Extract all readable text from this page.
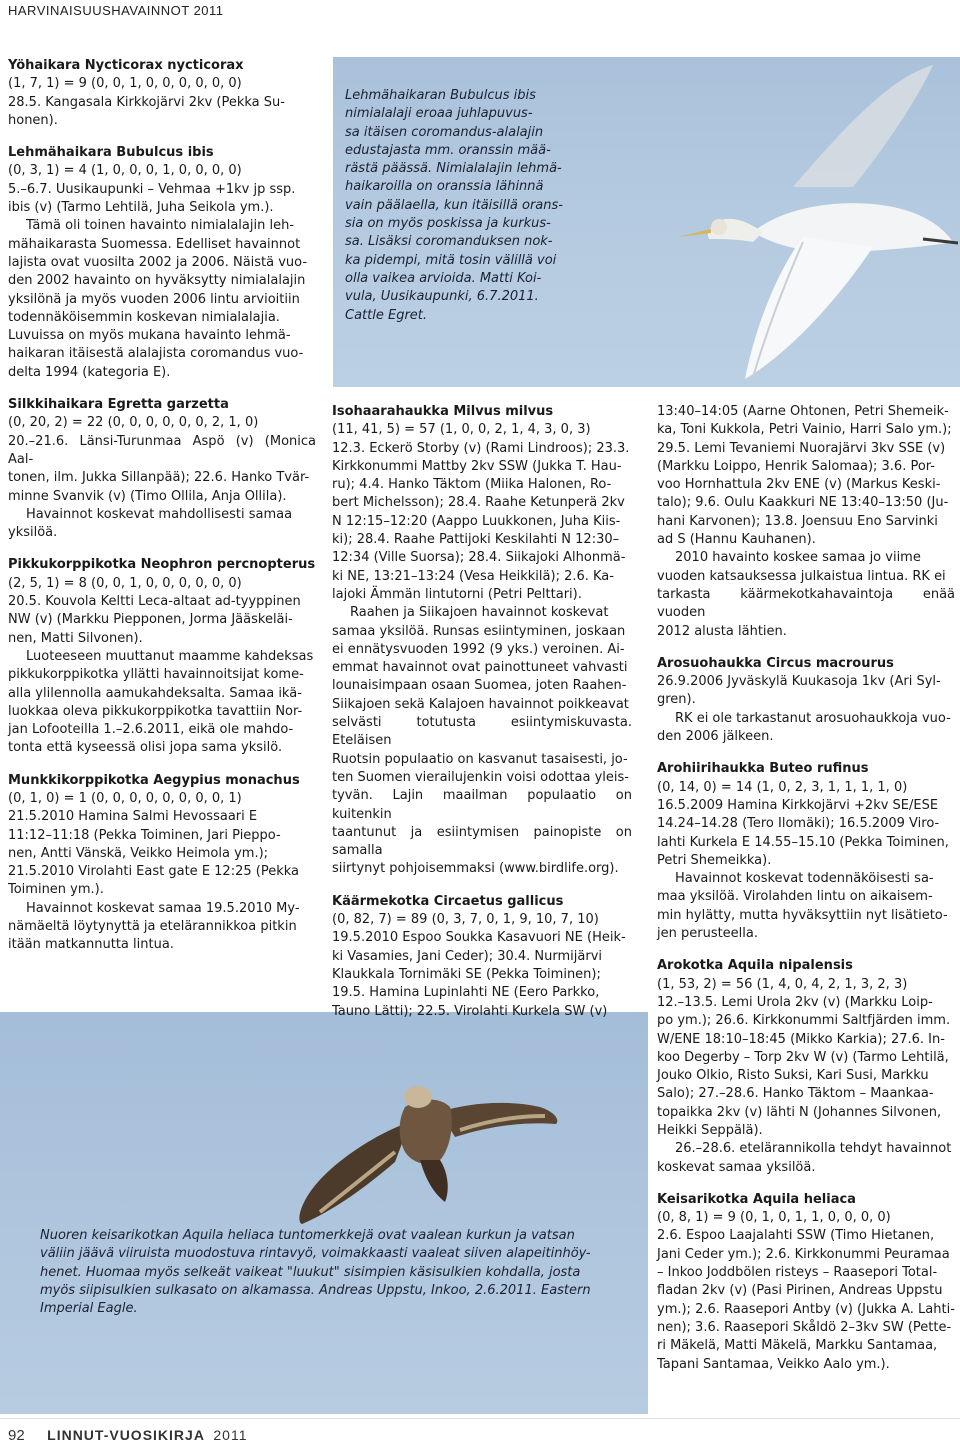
HARVINAISUUSHAVAINNOT 2011
Lehmähaikaran Bubulcus ibis
nimialalaji eroaa juhlapuvus-
sa itäisen coromandus-alalajin
edustajasta mm. oranssin mää-
rästä päässä. Nimialalajin lehmä-
haikaroilla on oranssia lähinnä
vain päälaella, kun itäisillä orans-
sia on myös poskissa ja kurkus-
sa. Lisäksi coromanduksen nok-
ka pidempi, mitä tosin välillä voi
olla vaikea arvioida. Matti Koi-
vula, Uusikaupunki, 6.7.2011.
Cattle Egret.
Nuoren keisarikotkan Aquila heliaca tuntomerkkejä ovat vaalean kurkun ja vatsan
väliin jäävä viiruista muodostuva rintavyö, voimakkaasti vaaleat siiven alapeitinhöy-
henet. Huomaa myös selkeät vaikeat "luukut" sisimpien käsisulkien kohdalla, josta
myös siipisulkien sulkasato on alkamassa. Andreas Uppstu, Inkoo, 2.6.2011. Eastern
Imperial Eagle.

Yöhaikara Nycticorax nycticorax

(1, 7, 1) = 9 (0, 0, 1, 0, 0, 0, 0, 0, 0)

28.5. Kangasala Kirkkojärvi 2kv (Pekka Su-

honen).

Lehmähaikara Bubulcus ibis

(0, 3, 1) = 4 (1, 0, 0, 0, 1, 0, 0, 0, 0)

5.–6.7. Uusikaupunki – Vehmaa +1kv jp ssp.

ibis (v) (Tarmo Lehtilä, Juha Seikola ym.).

Tämä oli toinen havainto nimialalajin leh-

mähaikarasta Suomessa. Edelliset havainnot

lajista ovat vuosilta 2002 ja 2006. Näistä vuo-

den 2002 havainto on hyväksytty nimialalajin

yksilönä ja myös vuoden 2006 lintu arvioitiin

todennäköisemmin koskevan nimialalajia.

Luvuissa on myös mukana havainto lehmä-

haikaran itäisestä alalajista coromandus vuo-

delta 1994 (kategoria E).

Silkkihaikara Egretta garzetta

(0, 20, 2) = 22 (0, 0, 0, 0, 0, 0, 2, 1, 0)

20.–21.6. Länsi-Turunmaa Aspö (v) (Monica Aal-

tonen, ilm. Jukka Sillanpää); 22.6. Hanko Tvär-

minne Svanvik (v) (Timo Ollila, Anja Ollila).

Havainnot koskevat mahdollisesti samaa

yksilöä.

Pikkukorppikotka Neophron percnopterus

(2, 5, 1) = 8 (0, 0, 1, 0, 0, 0, 0, 0, 0)

20.5. Kouvola Keltti Leca-altaat ad-tyyppinen

NW (v) (Markku Piepponen, Jorma Jääskeläi-

nen, Matti Silvonen).

Luoteeseen muuttanut maamme kahdeksas

pikkukorppikotka yllätti havainnoitsijat kome-

alla ylilennolla aamukahdeksalta. Samaa ikä-

luokkaa oleva pikkukorppikotka tavattiin Nor-

jan Lofooteilla 1.–2.6.2011, eikä ole mahdo-

tonta että kyseessä olisi jopa sama yksilö.

Munkkikorppikotka Aegypius monachus

(0, 1, 0) = 1 (0, 0, 0, 0, 0, 0, 0, 0, 1)

21.5.2010 Hamina Salmi Hevossaari E

11:12–11:18 (Pekka Toiminen, Jari Pieppo-

nen, Antti Vänskä, Veikko Heimola ym.);

21.5.2010 Virolahti East gate E 12:25 (Pekka

Toiminen ym.).

Havainnot koskevat samaa 19.5.2010 My-

nämäeltä löytynyttä ja etelärannikkoa pitkin

itään matkannutta lintua.

Isohaarahaukka Milvus milvus

(11, 41, 5) = 57 (1, 0, 0, 2, 1, 4, 3, 0, 3)

12.3. Eckerö Storby (v) (Rami Lindroos); 23.3.

Kirkkonummi Mattby 2kv SSW (Jukka T. Hau-

ru); 4.4. Hanko Täktom (Miika Halonen, Ro-

bert Michelsson); 28.4. Raahe Ketunperä 2kv

N 12:15–12:20 (Aappo Luukkonen, Juha Kiis-

ki); 28.4. Raahe Pattijoki Keskilahti N 12:30–

12:34 (Ville Suorsa); 28.4. Siikajoki Alhonmä-

ki NE, 13:21–13:24 (Vesa Heikkilä); 2.6. Ka-

lajoki Ämmän lintutorni (Petri Pelttari).

Raahen ja Siikajoen havainnot koskevat

samaa yksilöä. Runsas esiintyminen, joskaan

ei ennätysvuoden 1992 (9 yks.) veroinen. Ai-

emmat havainnot ovat painottuneet vahvasti

lounaisimpaan osaan Suomea, joten Raahen-

Siikajoen sekä Kalajoen havainnot poikkeavat

selvästi totutusta esiintymiskuvasta. Eteläisen

Ruotsin populaatio on kasvanut tasaisesti, jo-

ten Suomen vierailujenkin voisi odottaa yleis-

tyvän. Lajin maailman populaatio on kuitenkin

taantunut ja esiintymisen painopiste on samalla

siirtynyt pohjoisemmaksi (www.birdlife.org).

Käärmekotka Circaetus gallicus

(0, 82, 7) = 89 (0, 3, 7, 0, 1, 9, 10, 7, 10)

19.5.2010 Espoo Soukka Kasavuori NE (Heik-

ki Vasamies, Jani Ceder); 30.4. Nurmijärvi

Klaukkala Tornimäki SE (Pekka Toiminen);

19.5. Hamina Lupinlahti NE (Eero Parkko,

Tauno Lätti); 22.5. Virolahti Kurkela SW (v)

13:40–14:05 (Aarne Ohtonen, Petri Shemeik-

ka, Toni Kukkola, Petri Vainio, Harri Salo ym.);

29.5. Lemi Tevaniemi Nuorajärvi 3kv SSE (v)

(Markku Loippo, Henrik Salomaa); 3.6. Por-

voo Hornhattula 2kv ENE (v) (Markus Keski-

talo); 9.6. Oulu Kaakkuri NE 13:40–13:50 (Ju-

hani Karvonen); 13.8. Joensuu Eno Sarvinki

ad S (Hannu Kauhanen).

2010 havainto koskee samaa jo viime

vuoden katsauksessa julkaistua lintua. RK ei

tarkasta käärmekotkahavaintoja enää vuoden

2012 alusta lähtien.

Arosuohaukka Circus macrourus

26.9.2006 Jyväskylä Kuukasoja 1kv (Ari Syl-

gren).

RK ei ole tarkastanut arosuohaukkoja vuo-

den 2006 jälkeen.

Arohiirihaukka Buteo rufinus

(0, 14, 0) = 14 (1, 0, 2, 3, 1, 1, 1, 1, 0)

16.5.2009 Hamina Kirkkojärvi +2kv SE/ESE

14.24–14.28 (Tero Ilomäki); 16.5.2009 Viro-

lahti Kurkela E 14.55–15.10 (Pekka Toiminen,

Petri Shemeikka).

Havainnot koskevat todennäköisesti sa-

maa yksilöä. Virolahden lintu on aikaisem-

min hylätty, mutta hyväksyttiin nyt lisätieto-

jen perusteella.

Arokotka Aquila nipalensis

(1, 53, 2) = 56 (1, 4, 0, 4, 2, 1, 3, 2, 3)

12.–13.5. Lemi Urola 2kv (v) (Markku Loip-

po ym.); 26.6. Kirkkonummi Saltfjärden imm.

W/ENE 18:10–18:45 (Mikko Karkia); 27.6. In-

koo Degerby – Torp 2kv W (v) (Tarmo Lehtilä,

Jouko Olkio, Risto Suksi, Kari Susi, Markku

Salo); 27.–28.6. Hanko Täktom – Maankaa-

topaikka 2kv (v) lähti N (Johannes Silvonen,

Heikki Seppälä).

26.–28.6. etelärannikolla tehdyt havainnot

koskevat samaa yksilöä.

Keisarikotka Aquila heliaca

(0, 8, 1) = 9 (0, 1, 0, 1, 1, 0, 0, 0, 0)

2.6. Espoo Laajalahti SSW (Timo Hietanen,

Jani Ceder ym.); 2.6. Kirkkonummi Peuramaa

– Inkoo Joddbölen risteys – Raasepori Total-

fladan 2kv (v) (Pasi Pirinen, Andreas Uppstu

ym.); 2.6. Raasepori Antby (v) (Jukka A. Lahti-

nen); 3.6. Raasepori Skåldö 2–3kv SW (Pette-

ri Mäkelä, Matti Mäkelä, Markku Santamaa,

Tapani Santamaa, Veikko Aalo ym.).

92 LINNUT-VUOSIKIRJA 2011
